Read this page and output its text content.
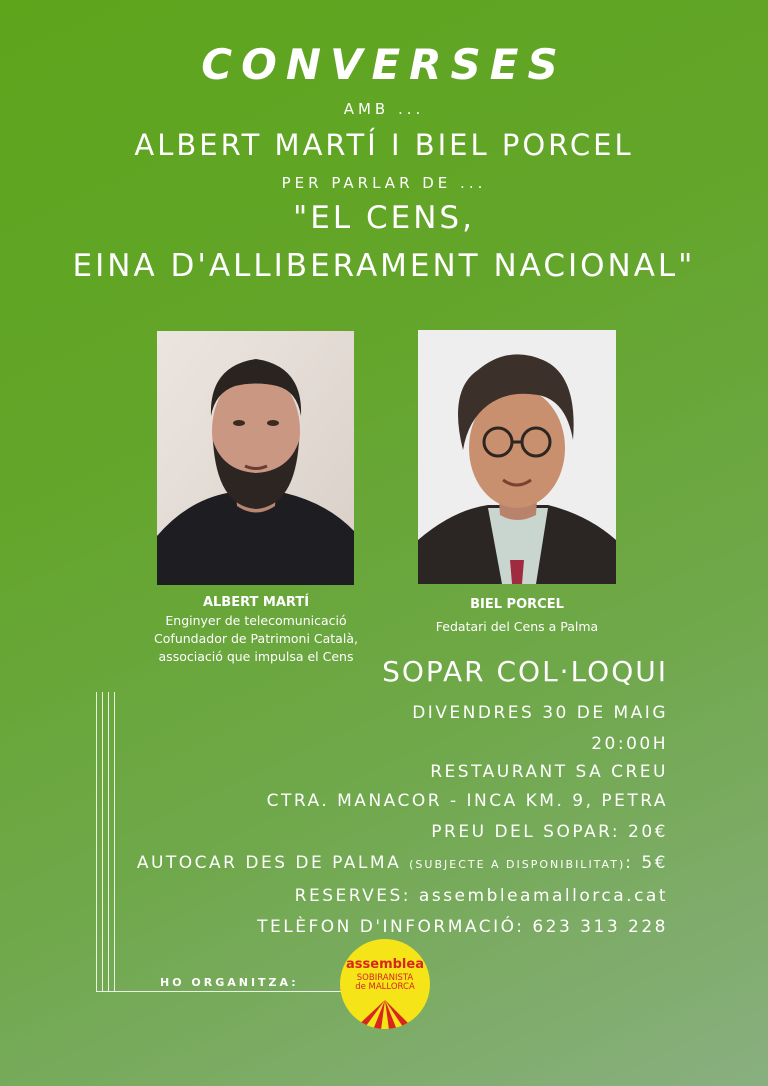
CONVERSES
AMB ...
ALBERT MARTÍ I BIEL PORCEL
PER PARLAR DE ...
"EL CENS,
EINA D'ALLIBERAMENT NACIONAL"
ALBERT MARTÍ
Enginyer de telecomunicació
Cofundador de Patrimoni Català,
associació que impulsa el Cens
BIEL PORCEL
Fedatari del Cens a Palma
SOPAR COL·LOQUI
DIVENDRES 30 DE MAIG
20:00H
RESTAURANT SA CREU
CTRA. MANACOR - INCA KM. 9, PETRA
PREU DEL SOPAR: 20€
AUTOCAR DES DE PALMA (SUBJECTE A DISPONIBILITAT): 5€
RESERVES: assembleamallorca.cat
TELÈFON D'INFORMACIÓ: 623 313 228
HO ORGANITZA:
assemblea
SOBIRANISTA
de MALLORCA
